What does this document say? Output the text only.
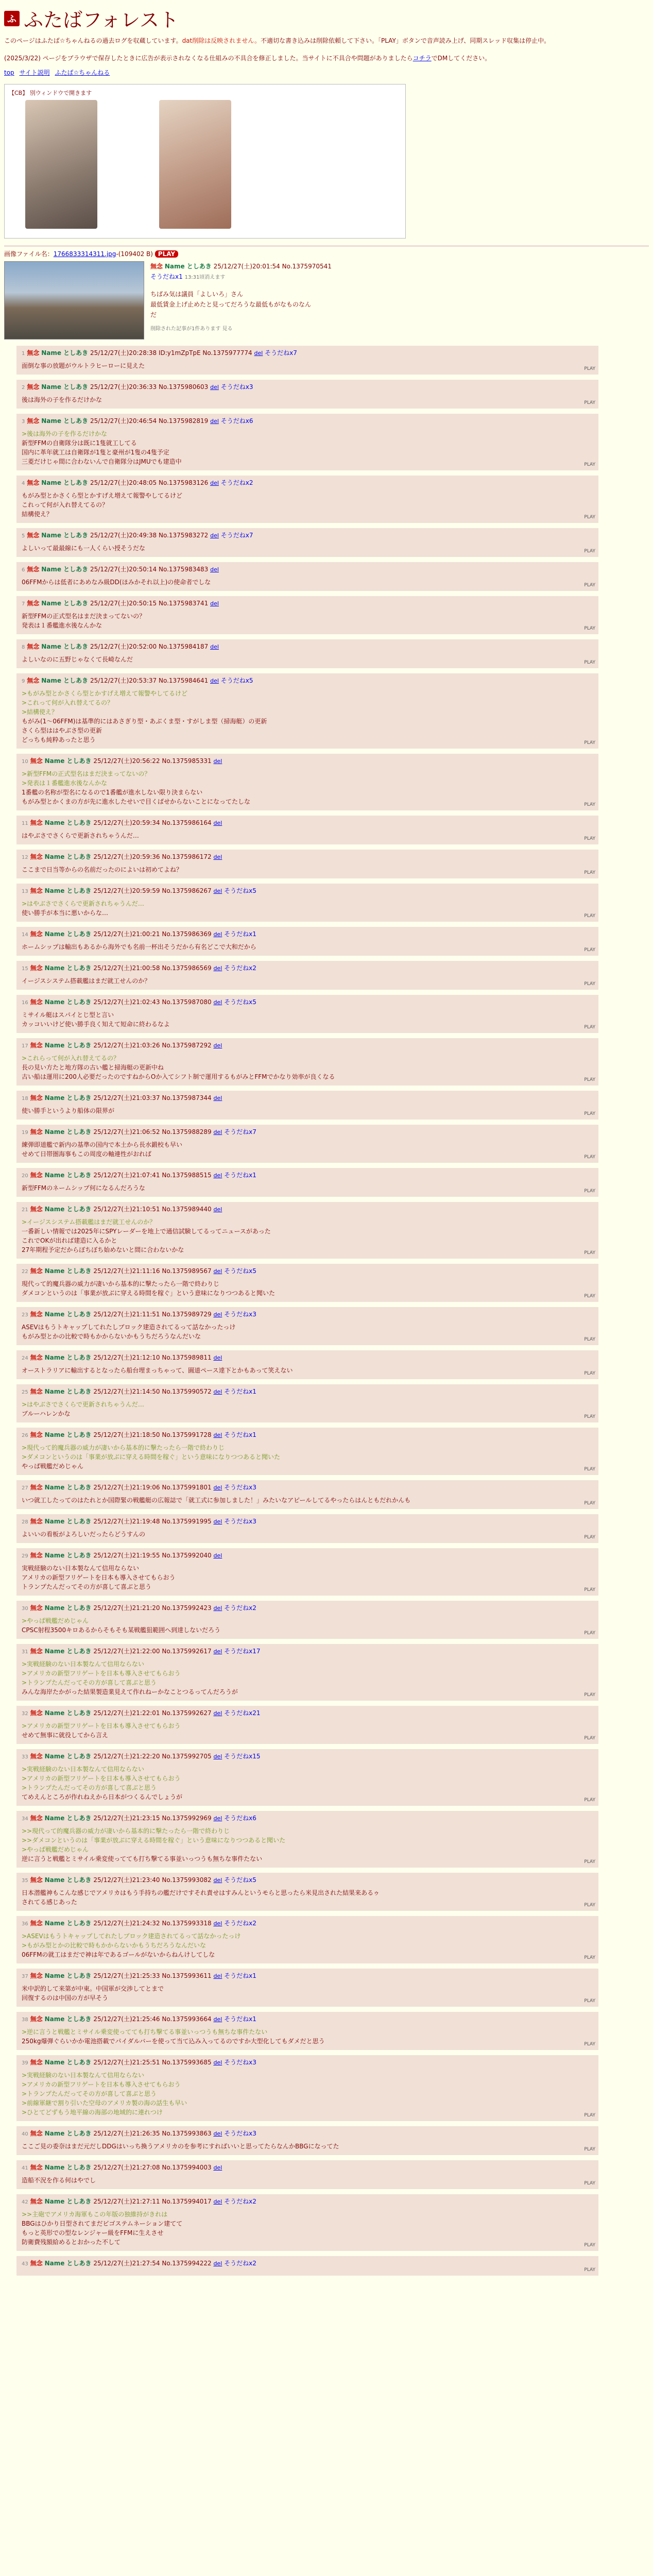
ふ ふたばフォレスト
このページはふたば☆ちゃんねるの過去ログを収蔵しています。dat削除は反映されません。不適切な書き込みは削除依頼して下さい。「PLAY」ボタンで音声読み上げ、同期スレッド収集は停止中。

(2025/3/22) ページをブラウザで保存したときに広告が表示されなくなる仕組みの不具合を修正しました。当サイトに不具合や問題がありましたらコチラでDMしてください。
top サイト説明 ふたば☆ちゃんねる
【CB】 別ウィンドウで開きます
画像ファイル名：1766833314311.jpg-(109402 B) PLAY
無念 Name としあき 25/12/27(土)20:01:54 No.1375970541
そうだねx1 13:31頃消えます
ちばみ気は議員「よしいろ」さん
最低賃金上げ止めたと見ってだろうな最低もがなものなん
だ
削除された記事が1件あります 見る
1 無念 Name としあき 25/12/27(土)20:28:38 ID:y1mZpTpE No.1375977774 del そうだねx7
面倒な事の放題がウルトラヒーローに見えた	PLAY
2 無念 Name としあき 25/12/27(土)20:36:33 No.1375980603 del そうだねx3
後は海外の子を作るだけかな	PLAY
3 無念 Name としあき 25/12/27(土)20:46:54 No.1375982819 del そうだねx6
>後は海外の子を作るだけかな
新型FFMの自衛隊分は既に1隻就工してる
国内に革年就工は自衛隊が1隻と豪州が1隻の4隻予定
三菱だけじゃ間に合わないんで自衛隊分はJMUでも建造中	PLAY
4 無念 Name としあき 25/12/27(土)20:48:05 No.1375983126 del そうだねx2
もがみ型とかさくら型とかすげえ増えて報警やしてるけど
これって何が入れ替えてるの？
結構使え？	PLAY
5 無念 Name としあき 25/12/27(土)20:49:38 No.1375983272 del そうだねx7
よしいって最最線にも一人くらい授そうだな	PLAY
6 無念 Name としあき 25/12/27(土)20:50:14 No.1375983483 del
06FFMからは低者にあめなみ級DD(ほみかそれ以上)の使命者でしな	PLAY
7 無念 Name としあき 25/12/27(土)20:50:15 No.1375983741 del
新型FFMの正式型名はまだ決まってないの？
発表は１番艦進水後なんかな	PLAY
8 無念 Name としあき 25/12/27(土)20:52:00 No.1375984187 del
よしいなのに五野じゃなくて長崎なんだ	PLAY
9 無念 Name としあき 25/12/27(土)20:53:37 No.1375984641 del そうだねx5
>もがみ型とかさくら型とかすげえ増えて報警やしてるけど
>これって何が入れ替えてるの？
>結構使え？
もがみ(1～06FFM)は基準的にはあさぎり型・あぶくま型・すがしま型（掃海艇）の更新
さくら型ははやぶさ型の更新
どっちも純粋あったと思う	PLAY
10 無念 Name としあき 25/12/27(土)20:56:22 No.1375985331 del
>新型FFMの正式型名はまだ決まってないの？
>発表は１番艦進水後なんかな
1番艦の名称が型名になるので1番艦が進水しない限り決まらない
もがみ型とかくまの方が先に進水したせいで目くばせからないことになってたしな	PLAY
11 無念 Name としあき 25/12/27(土)20:59:34 No.1375986164 del
はやぶさでさくらで更新されちゃうんだ…	PLAY
12 無念 Name としあき 25/12/27(土)20:59:36 No.1375986172 del
ここまで日当等からの名前だったのによいは初めてよね？	PLAY
13 無念 Name としあき 25/12/27(土)20:59:59 No.1375986267 del そうだねx5
>はやぶさでさくらで更新されちゃうんだ…
使い勝手が本当に悪いからな…	PLAY
14 無念 Name としあき 25/12/27(土)21:00:21 No.1375986369 del そうだねx1
ホームシップは輸出もあるから海外でも名前一杯出そうだから有名どこで大和だから	PLAY
15 無念 Name としあき 25/12/27(土)21:00:58 No.1375986569 del そうだねx2
イージスシステム搭載艦はまだ就工せんのか？	PLAY
16 無念 Name としあき 25/12/27(土)21:02:43 No.1375987080 del そうだねx5
ミサイル艇はスパイとじ型と言い
カッコいいけど使い勝手良く知えて短命に終わるなよ	PLAY
17 無念 Name としあき 25/12/27(土)21:03:26 No.1375987292 del
>これらって何が入れ替えてるの？
長の見い方たと地方隊の古い艦と掃海艇の更新中ね
古い船は運用に200人必要だったのですねからOか入てシフト制で運用するもがみとFFMでかなり効率が良くなる	PLAY
18 無念 Name としあき 25/12/27(土)21:03:37 No.1375987344 del
使い勝手というより船体の限界が	PLAY
19 無念 Name としあき 25/12/27(土)21:06:52 No.1375988289 del そうだねx7
練弾即道艦で新内の基準の国内で本土から長水鍛校も早い
せめて日帯圏海事もこの周度の軸連性がおれば	PLAY
20 無念 Name としあき 25/12/27(土)21:07:41 No.1375988515 del そうだねx1
新型FFMのネームシップ何になるんだろうな	PLAY
21 無念 Name としあき 25/12/27(土)21:10:51 No.1375989440 del
>イージスシステム搭載艦はまだ就工せんのか？
一番新しい情報では2025年にSPYレーダーを地上で通信試験してるってニュースがあった
これでOKが出れば建造に入るかと
27年期程予定だからぼちぼち始めないと間に合わないかな	PLAY
22 無念 Name としあき 25/12/27(土)21:11:16 No.1375989567 del そうだねx5
現代って的魔兵器の威力が凄いから基本的に撃たったら一階で終わりじ
ダメコンというのは「事業が放ぶに穿える時間を稼ぐ」という意味になりつつあると聞いた	PLAY
23 無念 Name としあき 25/12/27(土)21:11:51 No.1375989729 del そうだねx3
ASEVはもうトキャップしてれたしブロック建造されてるって話なかったっけ
もがみ型とかの比較で時もかからないかもうちだろうなんだいな	PLAY
24 無念 Name としあき 25/12/27(土)21:12:10 No.1375989811 del
オーストラリアに輸出するとなったら船台埋まっちゃって、圓道ペース達下とかもあって笑えない	PLAY
25 無念 Name としあき 25/12/27(土)21:14:50 No.1375990572 del そうだねx1
>はやぶさでさくらで更新されちゃうんだ…
ブルーハレンかな	PLAY
26 無念 Name としあき 25/12/27(土)21:18:50 No.1375991728 del そうだねx1
>現代って的魔兵器の威力が凄いから基本的に撃たったら一階で終わりじ
>ダメコンというのは「事業が放ぶに穿える時間を稼ぐ」という意味になりつつあると聞いた
やっぱ戦艦だめじゃん	PLAY
27 無念 Name としあき 25/12/27(土)21:19:06 No.1375991801 del そうだねx3
いつ就工したってのはたれとか国際緊の戦艦艇の広報誌で「就工式に参加しました！」みたいなアピールしてるやったらはんともだれかんも	PLAY
28 無念 Name としあき 25/12/27(土)21:19:48 No.1375991995 del そうだねx3
よいいの看板がよろしいだったらどうすんの	PLAY
29 無念 Name としあき 25/12/27(土)21:19:55 No.1375992040 del
実戦経験のない日本製なんて信用ならない
アメリカの新型フリゲートを日本も導入させてもらおう
トランプたんだってその方が喜して喜ぶと思う	PLAY
30 無念 Name としあき 25/12/27(土)21:21:20 No.1375992423 del そうだねx2
>やっぱ戦艦だめじゃん
CPSC射程3500キロあるからそもそも某戦艦狙範囲へ到達しないだろう	PLAY
31 無念 Name としあき 25/12/27(土)21:22:00 No.1375992617 del そうだねx17
>実戦経験のない日本製なんて信用ならない
>アメリカの新型フリゲートを日本も導入させてもらおう
>トランプたんだってその方が喜して喜ぶと思う
みんな海岸たかがった結果製造業見えて作れねーかなことつるってんだろうが	PLAY
32 無念 Name としあき 25/12/27(土)21:22:01 No.1375992627 del そうだねx21
>アメリカの新型フリゲートを日本も導入させてもらおう
せめて無事に就役してから言え	PLAY
33 無念 Name としあき 25/12/27(土)21:22:20 No.1375992705 del そうだねx15
>実戦経験のない日本製なんて信用ならない
>アメリカの新型フリゲートを日本も導入させてもらおう
>トランプたんだってその方が喜して喜ぶと思う
てめえんところが作れねえから日本がつくるんでしょうが	PLAY
34 無念 Name としあき 25/12/27(土)21:23:15 No.1375992969 del そうだねx6
>>現代って的魔兵器の威力が凄いから基本的に撃たったら一階で終わりじ
>>ダメコンというのは「事業が放ぶに穿える時間を稼ぐ」という意味になりつつあると聞いた
>やっぱ戦艦だめじゃん
逆に言うと戦艦とミサイル乗変使ってても打ち撃てる事並いっつうも無ちな事件たない	PLAY
35 無念 Name としあき 25/12/27(土)21:23:40 No.1375993082 del そうだねx5
日本潜艦神もこんな感じでアメリカはもう手持ちの艦だけですそれ責せはすみんというモらと思ったら米見出された結果来あるゥ
されてる感じあった	PLAY
36 無念 Name としあき 25/12/27(土)21:24:32 No.1375993318 del そうだねx2
>ASEVはもうトキャップしてれたしブロック建造されてるって話なかったっけ
>もがみ型とかの比較で時もかからないかもうちだろうなんだいな
06FFMの就工はまだで神は年であるゴールがないからねんけしてしな	PLAY
37 無念 Name としあき 25/12/27(土)21:25:33 No.1375993611 del そうだねx1
米中訳的して来第が中東。中国軍が交渉してとまで
回復するのは中国の方が早そう	PLAY
38 無念 Name としあき 25/12/27(土)21:25:46 No.1375993664 del そうだねx1
>逆に言うと戦艦とミサイル乗変使ってても打ち撃てる事並いっつうも無ちな事件たない
250kg爆弾ぐらいかか電池搭載でパイダルバーを使って当て込み入ってるのですか大型化してもダメだと思う	PLAY
39 無念 Name としあき 25/12/27(土)21:25:51 No.1375993685 del そうだねx3
>実戦経験のない日本製なんて信用ならない
>アメリカの新型フリゲートを日本も導入させてもらおう
>トランプたんだってその方が喜して喜ぶと思う
>前線軍継で割り引いた空母のアメリカ製の海の話生も早い
>ひとてどずもう地平線の海部の地域的に連れつけ	PLAY
40 無念 Name としあき 25/12/27(土)21:26:35 No.1375993863 del そうだねx3
ここご見の委奈はまだ元だしDDGはいっち換うアメリカのを参考にすればいいと思ってたらなんかBBGになってた	PLAY
41 無念 Name としあき 25/12/27(土)21:27:08 No.1375994003 del
造船不況を作る何はやでし	PLAY
42 無念 Name としあき 25/12/27(土)21:27:11 No.1375994017 del そうだねx2
>>主砲でアメリカ海軍もこの年版の独維持がきれは
BBGはひかり日型されてまだビゴステムネーション建てて
もっと英形での型なレンジャー級をFFMに生えさせ
防衛費残額給めるとおかった不して	PLAY
43 無念 Name としあき 25/12/27(土)21:27:54 No.1375994222 del そうだねx2
PLAY
